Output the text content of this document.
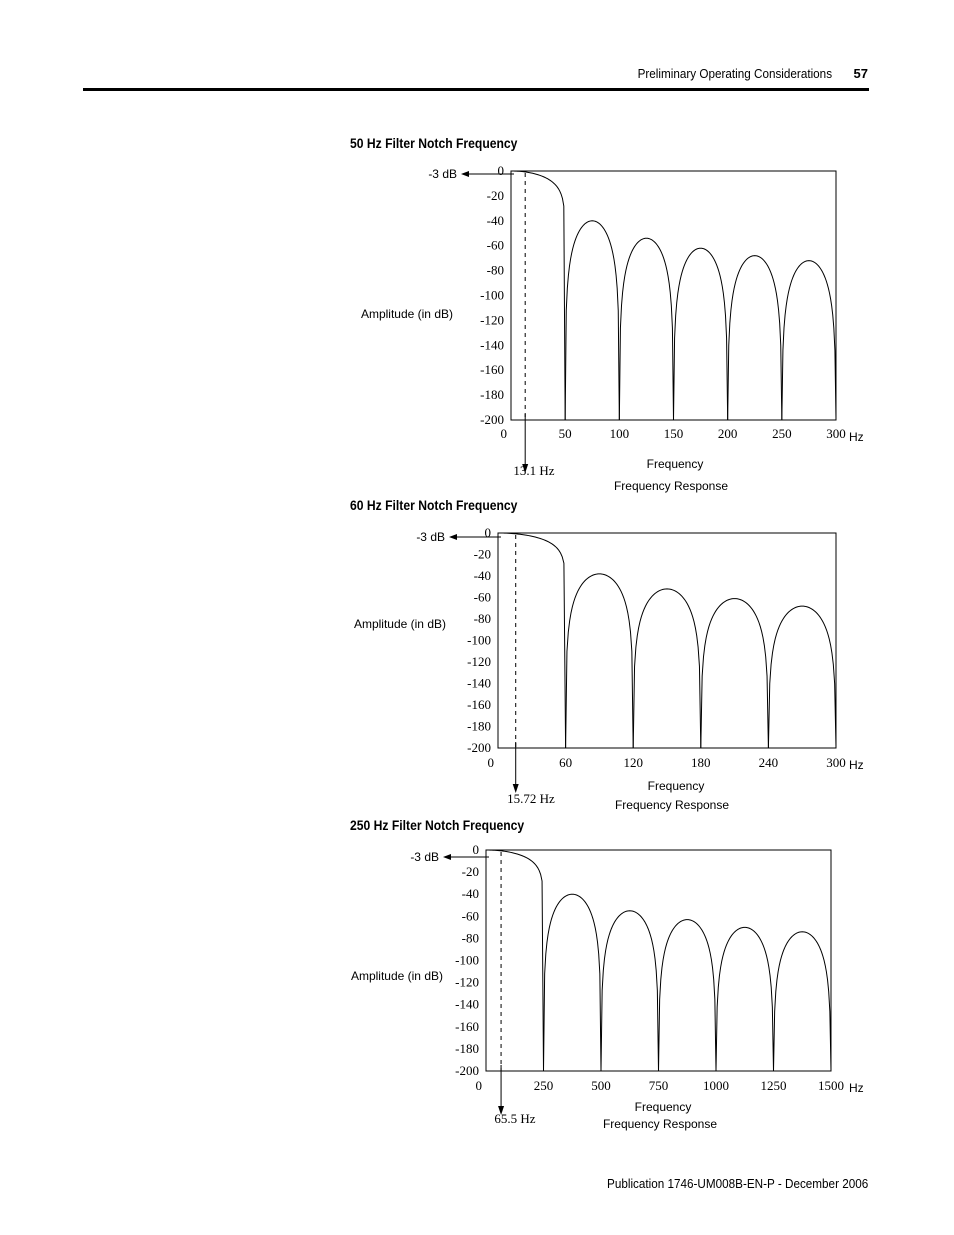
Preliminary Operating Considerations 57
50 Hz Filter Notch Frequency
0
-20
-40
-60
-80
-100
-120
-140
-160
-180
-200
0	50	100	150	200	250	300
Amplitude (in dB)
Hz
Frequency
Frequency Response
-3 dB
13.1 Hz
60 Hz Filter Notch Frequency
0
-20
-40
-60
-80
-100
-120
-140
-160
-180
-200
0	60	120	180	240	300
Amplitude (in dB)
Hz
Frequency
Frequency Response
-3 dB
15.72 Hz
250 Hz Filter Notch Frequency
0
-20
-40
-60
-80
-100
-120
-140
-160
-180
-200
0	250	500	750	1000 1250 1500
Amplitude (in dB)
Hz
Frequency
Frequency Response
-3 dB
65.5 Hz
Publication 1746-UM008B-EN-P - December 2006
